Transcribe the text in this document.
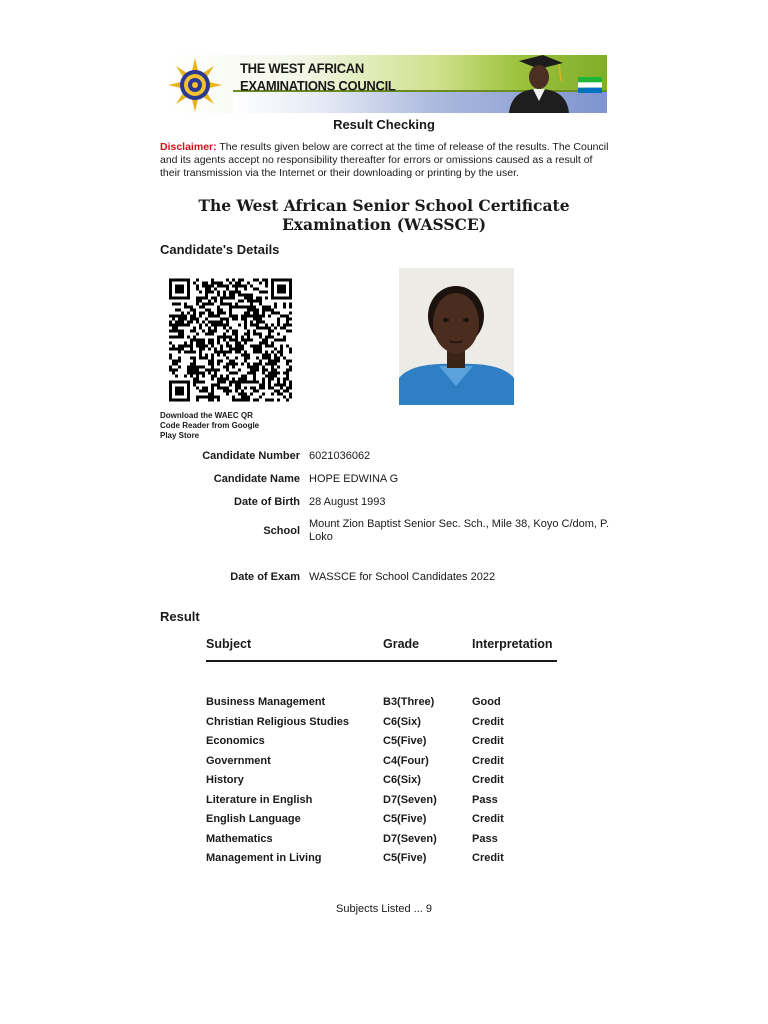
THE WEST AFRICAN
EXAMINATIONS COUNCIL
Result Checking
Disclaimer: The results given below are correct at the time of release of the results. The Council and its agents accept no responsibility thereafter for errors or omissions caused as a result of their transmission via the Internet or their downloading or printing by the user.
The West African Senior School Certificate Examination (WASSCE)
Candidate's Details
Download the WAEC QR Code Reader from Google Play Store
Candidate Number 6021036062
Candidate Name HOPE EDWINA G
Date of Birth 28 August 1993
School
Mount Zion Baptist Senior Sec. Sch., Mile 38, Koyo C/dom, P. Loko
Date of Exam WASSCE for School Candidates 2022
Result
Subject	Grade	Interpretation
Business Management	B3(Three)	Good
Christian Religious Studies	C6(Six)	Credit
Economics	C5(Five)	Credit
Government	C4(Four)	Credit
History	C6(Six)	Credit
Literature in English	D7(Seven)	Pass
English Language	C5(Five)	Credit
Mathematics	D7(Seven)	Pass
Management in Living	C5(Five)	Credit
Subjects Listed ... 9
